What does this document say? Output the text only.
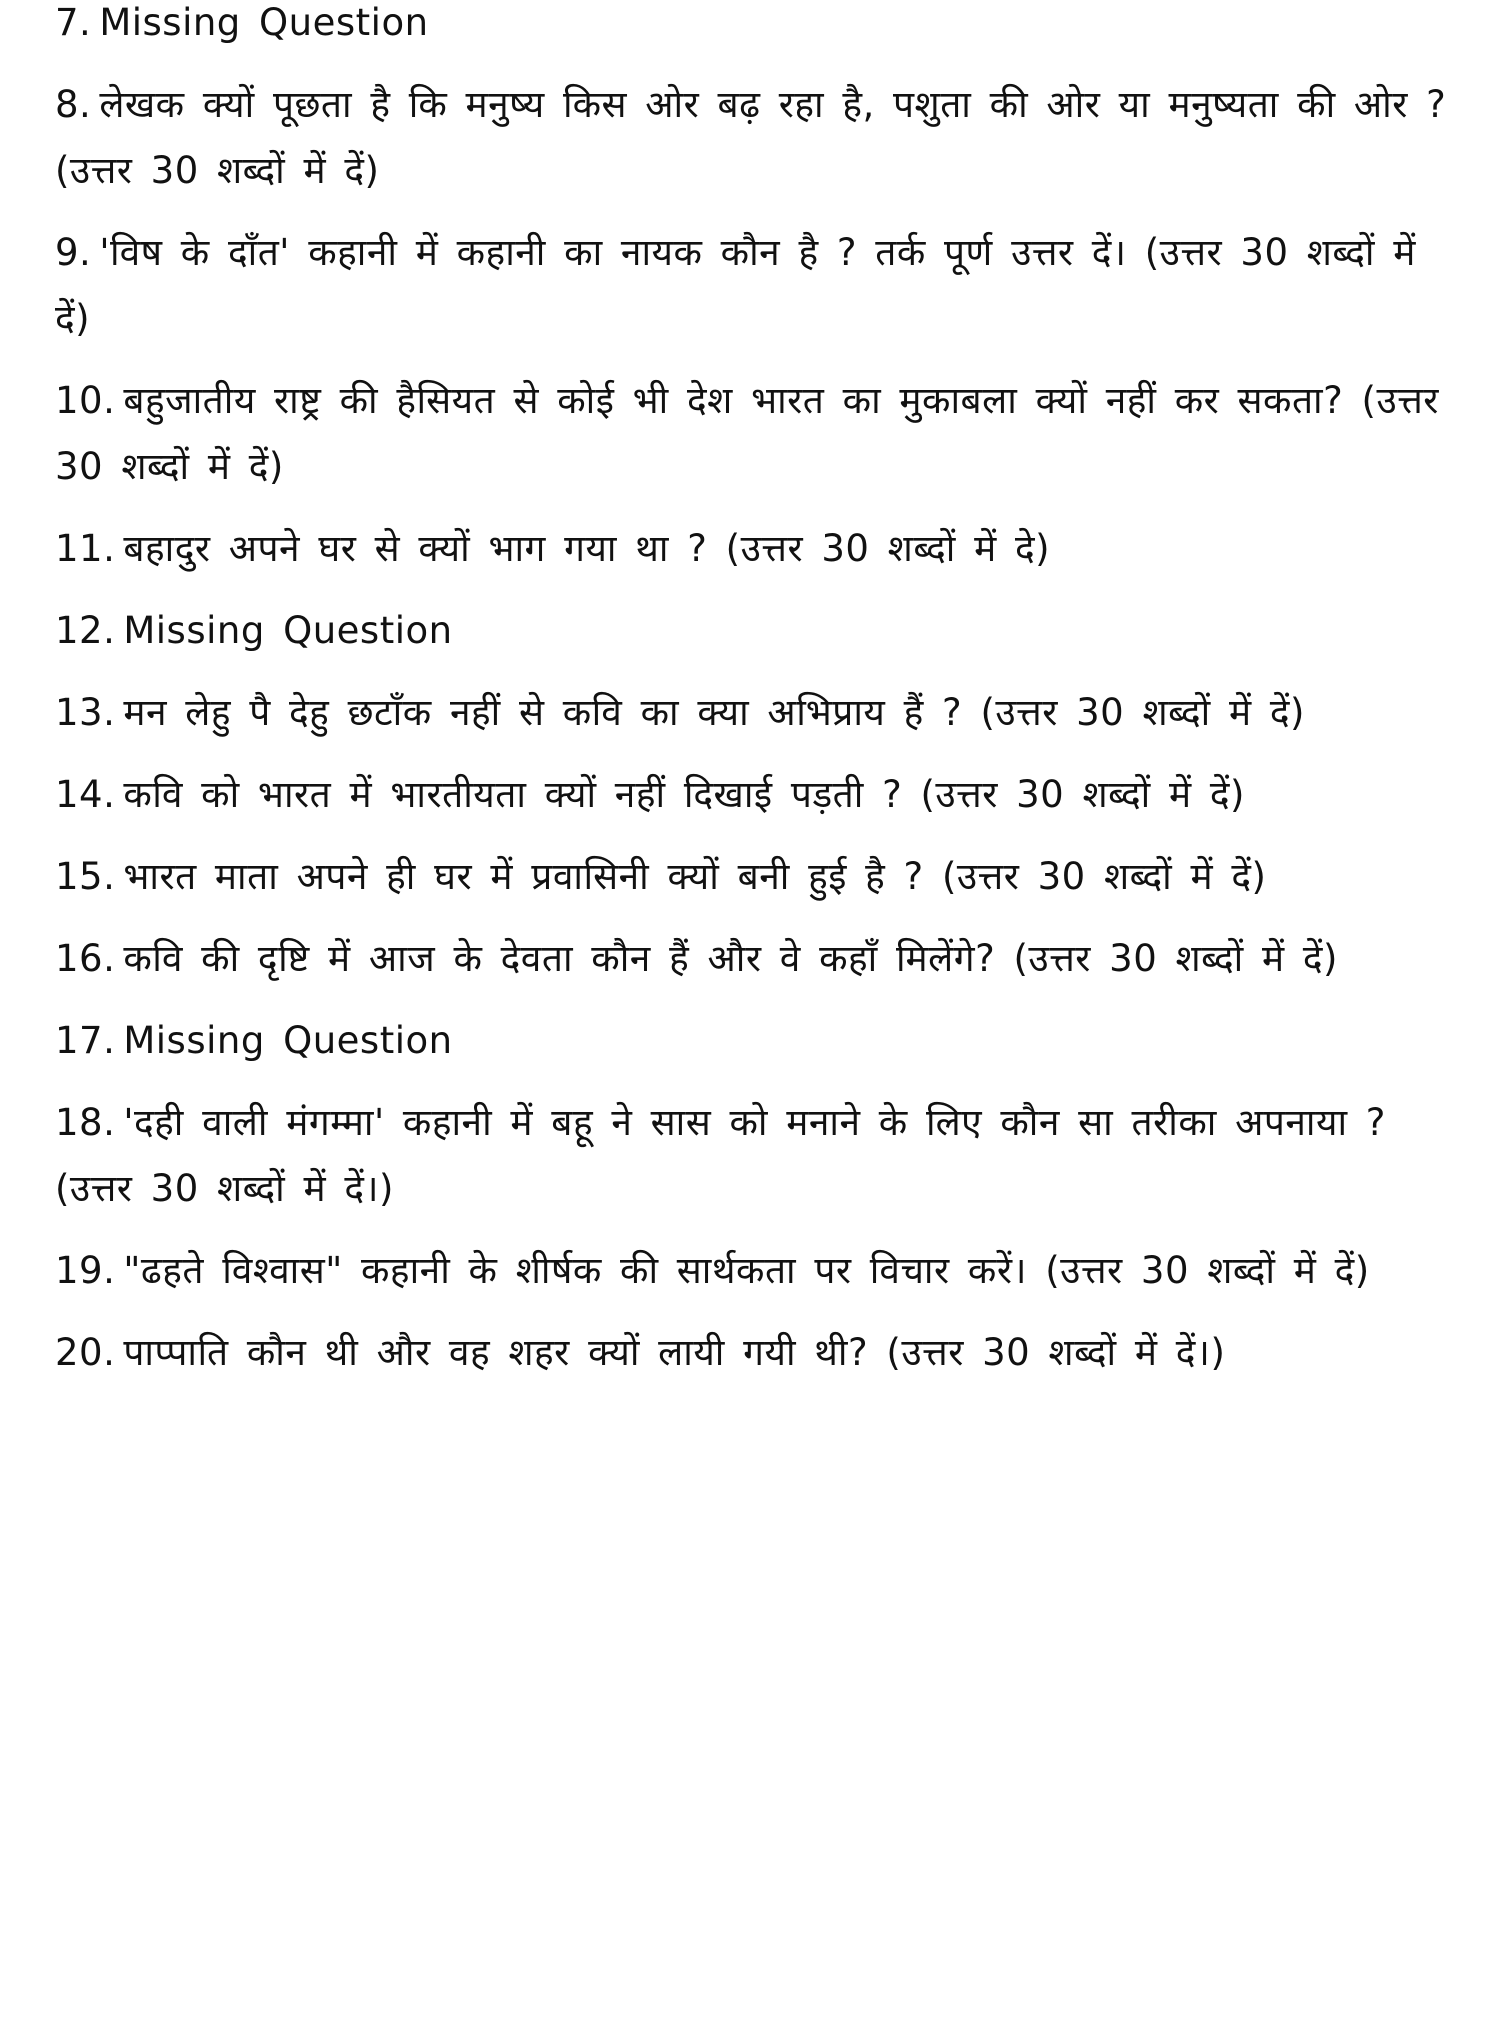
7. Missing Question

8. लेखक क्यों पूछता है कि मनुष्य किस ओर बढ़ रहा है, पशुता की ओर या मनुष्यता की ओर ? (उत्तर 30 शब्दों में दें)

9. 'विष के दाँत' कहानी में कहानी का नायक कौन है ? तर्क पूर्ण उत्तर दें। (उत्तर 30 शब्दों में दें)

10. बहुजातीय राष्ट्र की हैसियत से कोई भी देश भारत का मुकाबला क्यों नहीं कर सकता? (उत्तर 30 शब्दों में दें)

11. बहादुर अपने घर से क्यों भाग गया था ? (उत्तर 30 शब्दों में दे)

12. Missing Question

13. मन लेहु पै देहु छटाँक नहीं से कवि का क्या अभिप्राय हैं ? (उत्तर 30 शब्दों में दें)

14. कवि को भारत में भारतीयता क्यों नहीं दिखाई पड़ती ? (उत्तर 30 शब्दों में दें)

15. भारत माता अपने ही घर में प्रवासिनी क्यों बनी हुई है ? (उत्तर 30 शब्दों में दें)

16. कवि की दृष्टि में आज के देवता कौन हैं और वे कहाँ मिलेंगे? (उत्तर 30 शब्दों में दें)

17. Missing Question

18. 'दही वाली मंगम्मा' कहानी में बहू ने सास को मनाने के लिए कौन सा तरीका अपनाया ? (उत्तर 30 शब्दों में दें।)

19. "ढहते विश्वास" कहानी के शीर्षक की सार्थकता पर विचार करें। (उत्तर 30 शब्दों में दें)

20. पाप्पाति कौन थी और वह शहर क्यों लायी गयी थी? (उत्तर 30 शब्दों में दें।)
